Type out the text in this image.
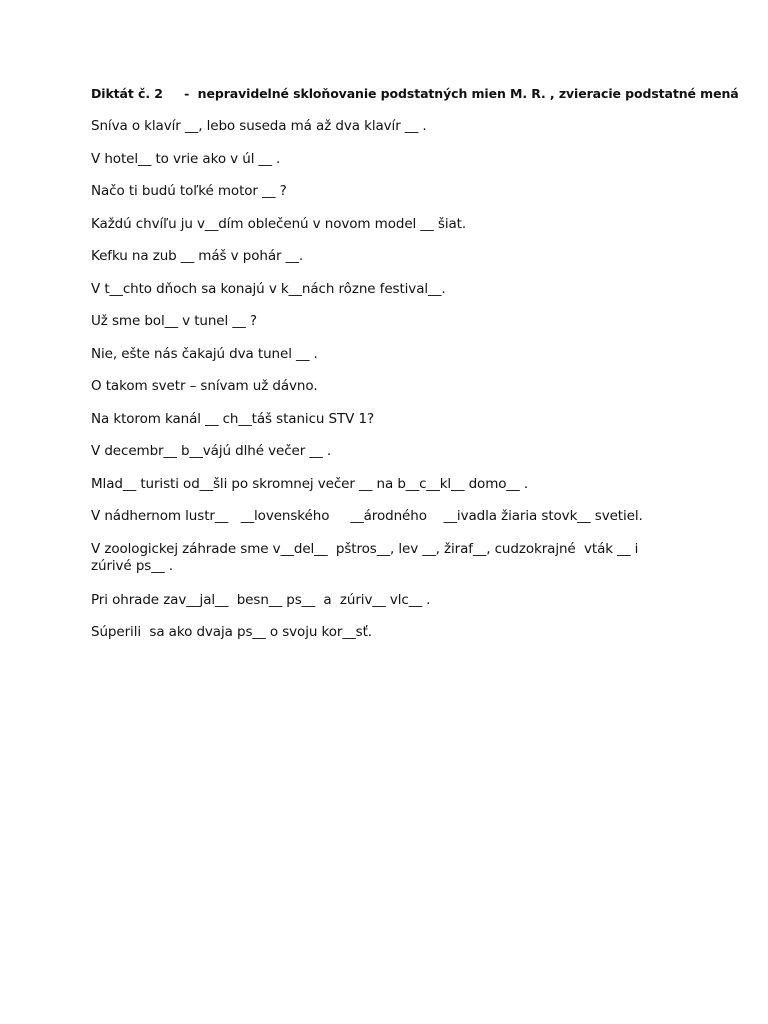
Diktát č. 2     -  nepravidelné skloňovanie podstatných mien M. R. , zvieracie podstatné mená
Sníva o klavír __, lebo suseda má až dva klavír __ .
V hotel__ to vrie ako v úl __ .
Načo ti budú toľké motor __ ?
Každú chvíľu ju v__dím oblečenú v novom model __ šiat.
Kefku na zub __ máš v pohár __.
V t__chto dňoch sa konajú v k__nách rôzne festival__.
Už sme bol__ v tunel __ ?
Nie, ešte nás čakajú dva tunel __ .
O takom svetr – snívam už dávno.
Na ktorom kanál __ ch__táš stanicu STV 1?
V decembr__ b__vájú dlhé večer __ .
Mlad__ turisti od__šli po skromnej večer __ na b__c__kl__ domo__ .
V nádhernom lustr__   __lovenského     __árodného    __ivadla žiaria stovk__ svetiel.
V zoologickej záhrade sme v__del__  pštros__, lev __, žiraf__, cudzokrajné  vták __ i zúrivé ps__ .
Pri ohrade zav__jal__  besn__ ps__  a  zúriv__ vlc__ .
Súperili  sa ako dvaja ps__ o svoju kor__sť.
